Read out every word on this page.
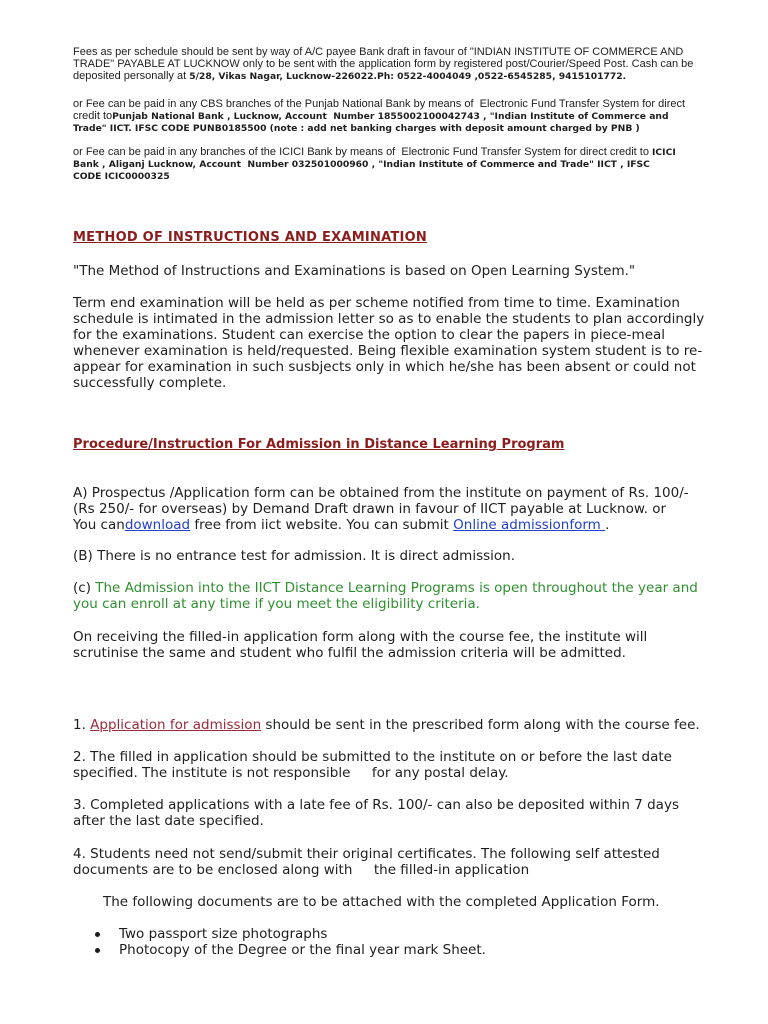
Fees as per schedule should be sent by way of A/C payee Bank draft in favour of "INDIAN INSTITUTE OF COMMERCE AND
TRADE" PAYABLE AT LUCKNOW only to be sent with the application form by registered post/Courier/Speed Post. Cash can be
deposited personally at 5/28, Vikas Nagar, Lucknow-226022.Ph: 0522-4004049 ,0522-6545285, 9415101772.
or Fee can be paid in any CBS branches of the Punjab National Bank by means of  Electronic Fund Transfer System for direct
credit toPunjab National Bank , Lucknow, Account  Number 1855002100042743 , "Indian Institute of Commerce and
Trade" IICT. IFSC CODE PUNB0185500 (note : add net banking charges with deposit amount charged by PNB )
or Fee can be paid in any branches of the ICICI Bank by means of  Electronic Fund Transfer System for direct credit to ICICI
Bank , Aliganj Lucknow, Account  Number 032501000960 , "Indian Institute of Commerce and Trade" IICT , IFSC
CODE ICIC0000325
METHOD OF INSTRUCTIONS AND EXAMINATION
"The Method of Instructions and Examinations is based on Open Learning System."
Term end examination will be held as per scheme notified from time to time. Examination
schedule is intimated in the admission letter so as to enable the students to plan accordingly
for the examinations. Student can exercise the option to clear the papers in piece-meal
whenever examination is held/requested. Being flexible examination system student is to re-
appear for examination in such susbjects only in which he/she has been absent or could not
successfully complete.
Procedure/Instruction For Admission in Distance Learning Program
A) Prospectus /Application form can be obtained from the institute on payment of Rs. 100/-
(Rs 250/- for overseas) by Demand Draft drawn in favour of IICT payable at Lucknow. or
You candownload free from iict website. You can submit Online admissionform .
(B) There is no entrance test for admission. It is direct admission.
(c) The Admission into the IICT Distance Learning Programs is open throughout the year and
you can enroll at any time if you meet the eligibility criteria.
On receiving the filled-in application form along with the course fee, the institute will
scrutinise the same and student who fulfil the admission criteria will be admitted.
1. Application for admission should be sent in the prescribed form along with the course fee.
2. The filled in application should be submitted to the institute on or before the last date
specified. The institute is not responsible     for any postal delay.
3. Completed applications with a late fee of Rs. 100/- can also be deposited within 7 days
after the last date specified.
4. Students need not send/submit their original certificates. The following self attested
documents are to be enclosed along with     the filled-in application
The following documents are to be attached with the completed Application Form.
Two passport size photographs
Photocopy of the Degree or the final year mark Sheet.
